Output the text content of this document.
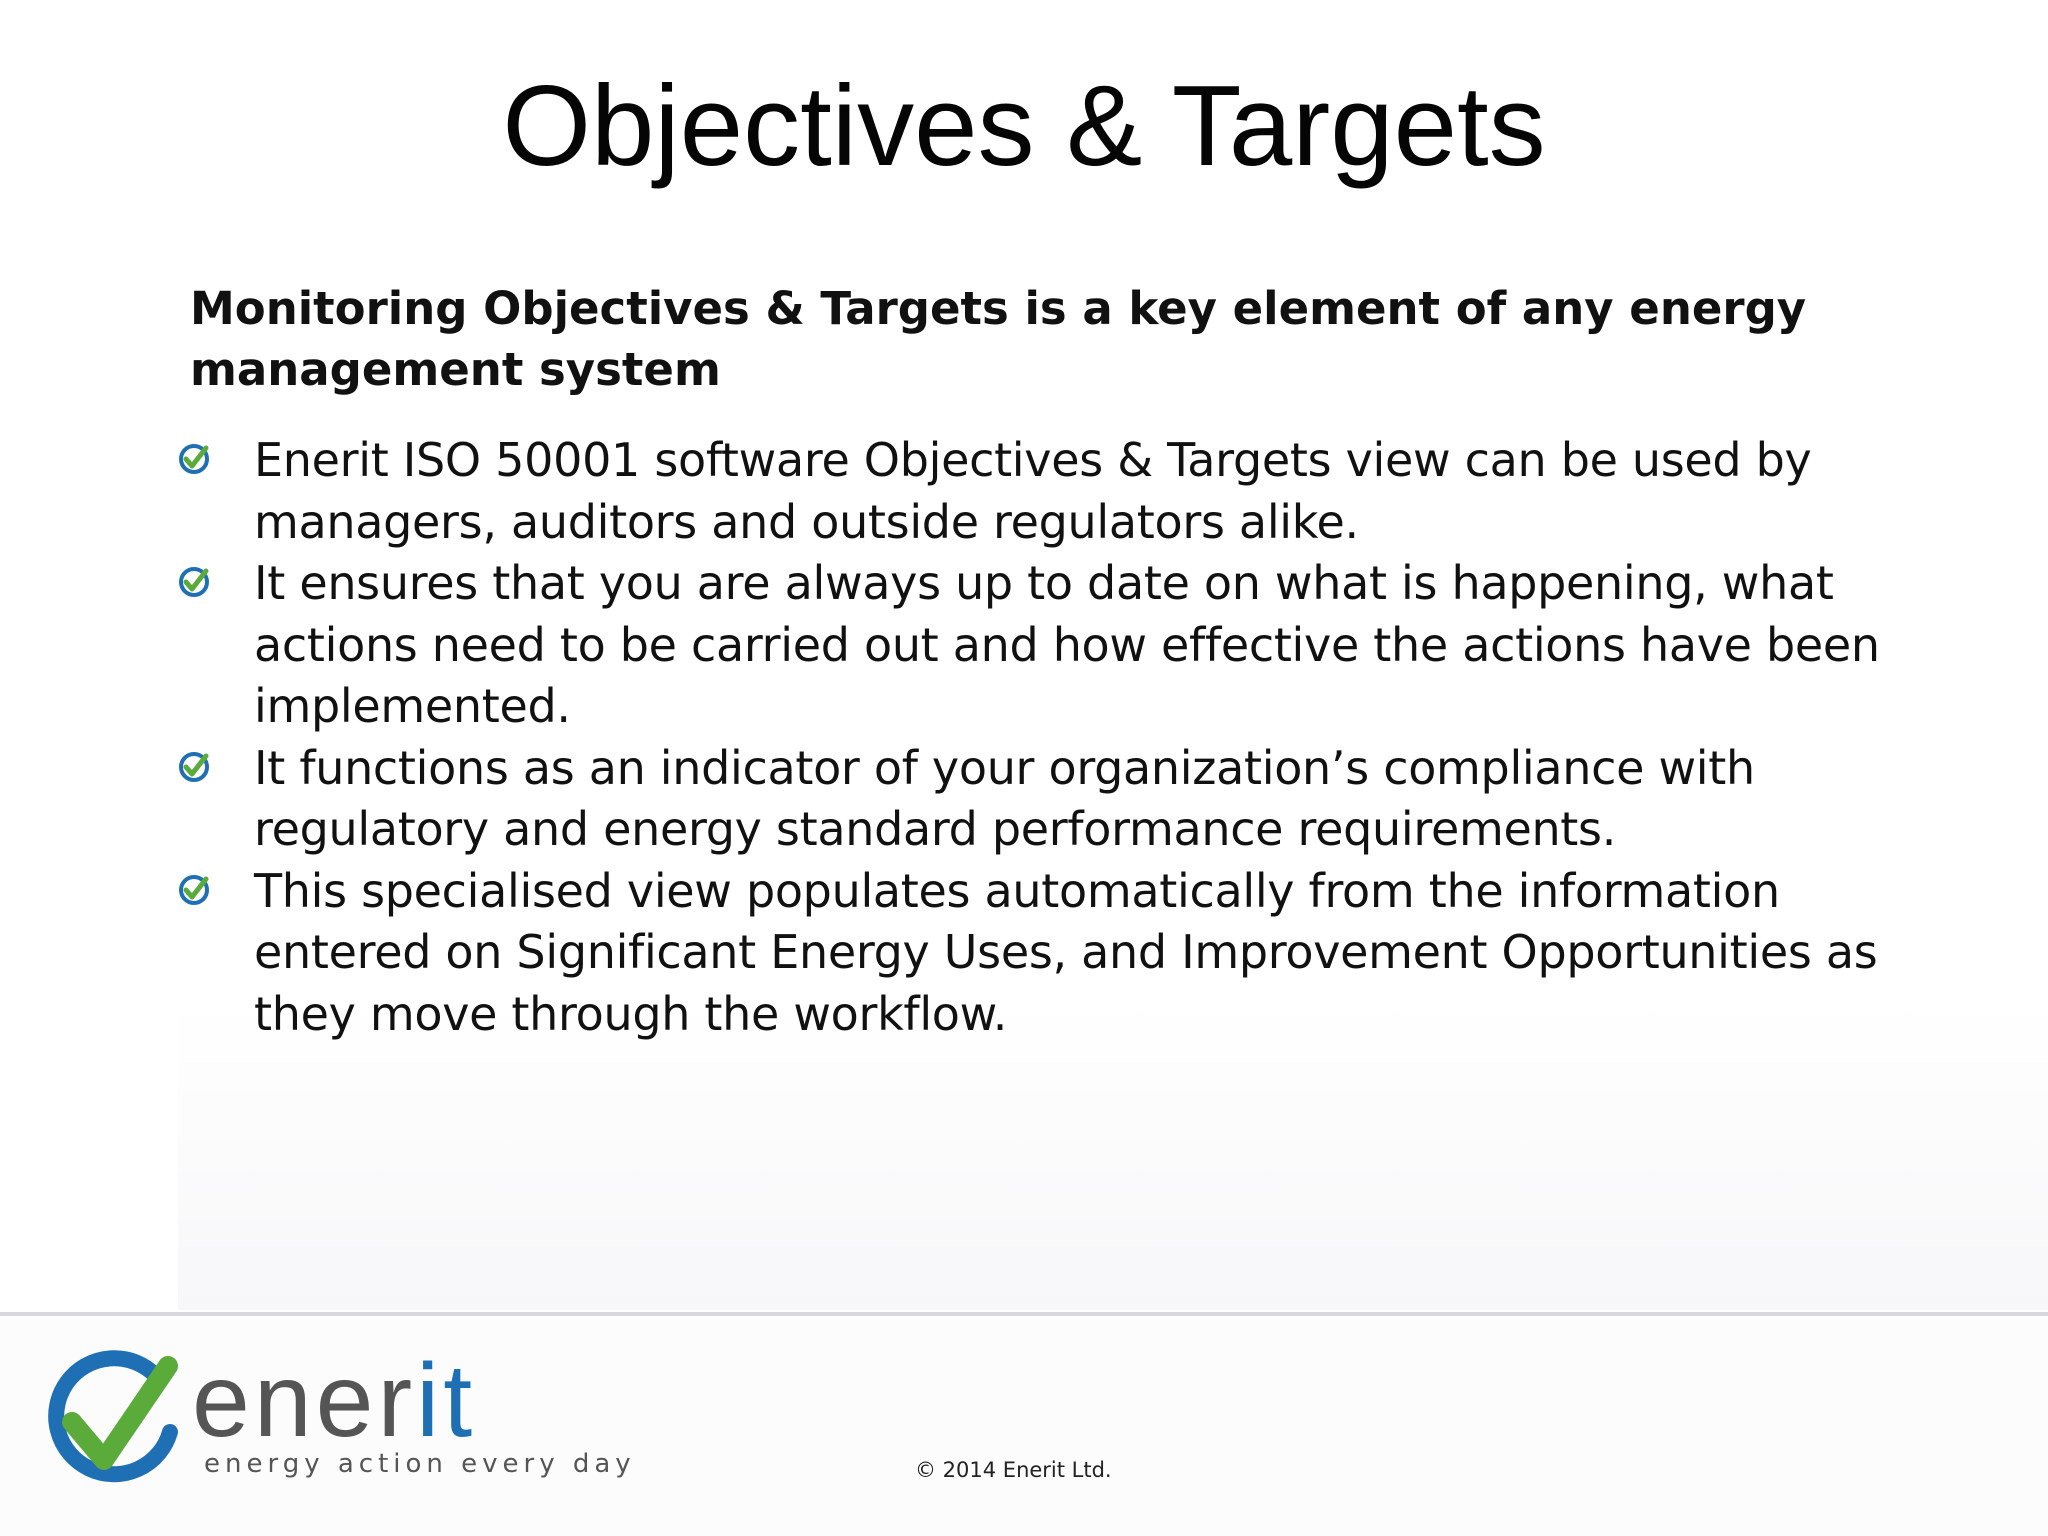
Objectives & Targets

Monitoring Objectives & Targets is a key element of any energy management system

Enerit ISO 50001 software Objectives & Targets view can be used by managers, auditors and outside regulators alike.
It ensures that you are always up to date on what is happening, what actions need to be carried out and how effective the actions have been implemented.
It functions as an indicator of your organization’s compliance with regulatory and energy standard performance requirements.
This specialised view populates automatically from the information entered on Significant Energy Uses, and Improvement Opportunities as they move through the workflow.
enerit
energy action every day	© 2014 Enerit Ltd.
